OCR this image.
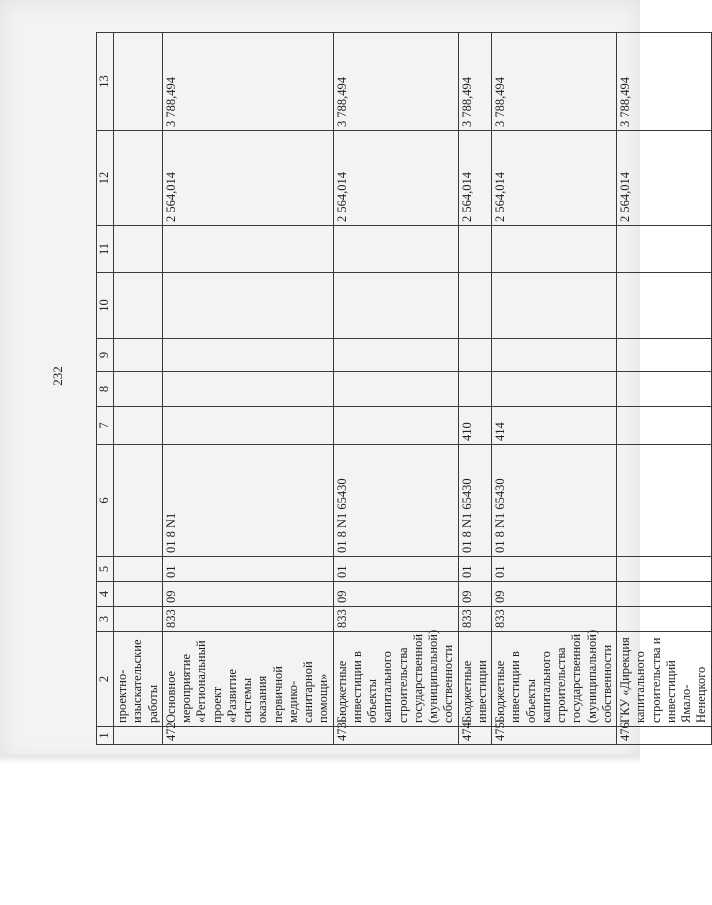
232
1	2	3	4	5	6	7	8	9	10	11	12	13
	проектно-изыскательские работы											
472	Основное мероприятие «Региональный проект «Развитие системы оказания первичной медико-санитарной помощи»	833	09	01	01 8 N1						2 564,014	3 788,494
473	Бюджетные инвестиции в объекты капитального строительства государственной (муниципальной) собственности	833	09	01	01 8 N1 65430						2 564,014	3 788,494
474	Бюджетные инвестиции	833	09	01	01 8 N1 65430	410					2 564,014	3 788,494
475	Бюджетные инвестиции в объекты капитального строительства государственной (муниципальной) собственности	833	09	01	01 8 N1 65430	414					2 564,014	3 788,494
476	ГКУ «Дирекция капитального строительства и инвестиций Ямало-Ненецкого										2 564,014	3 788,494
